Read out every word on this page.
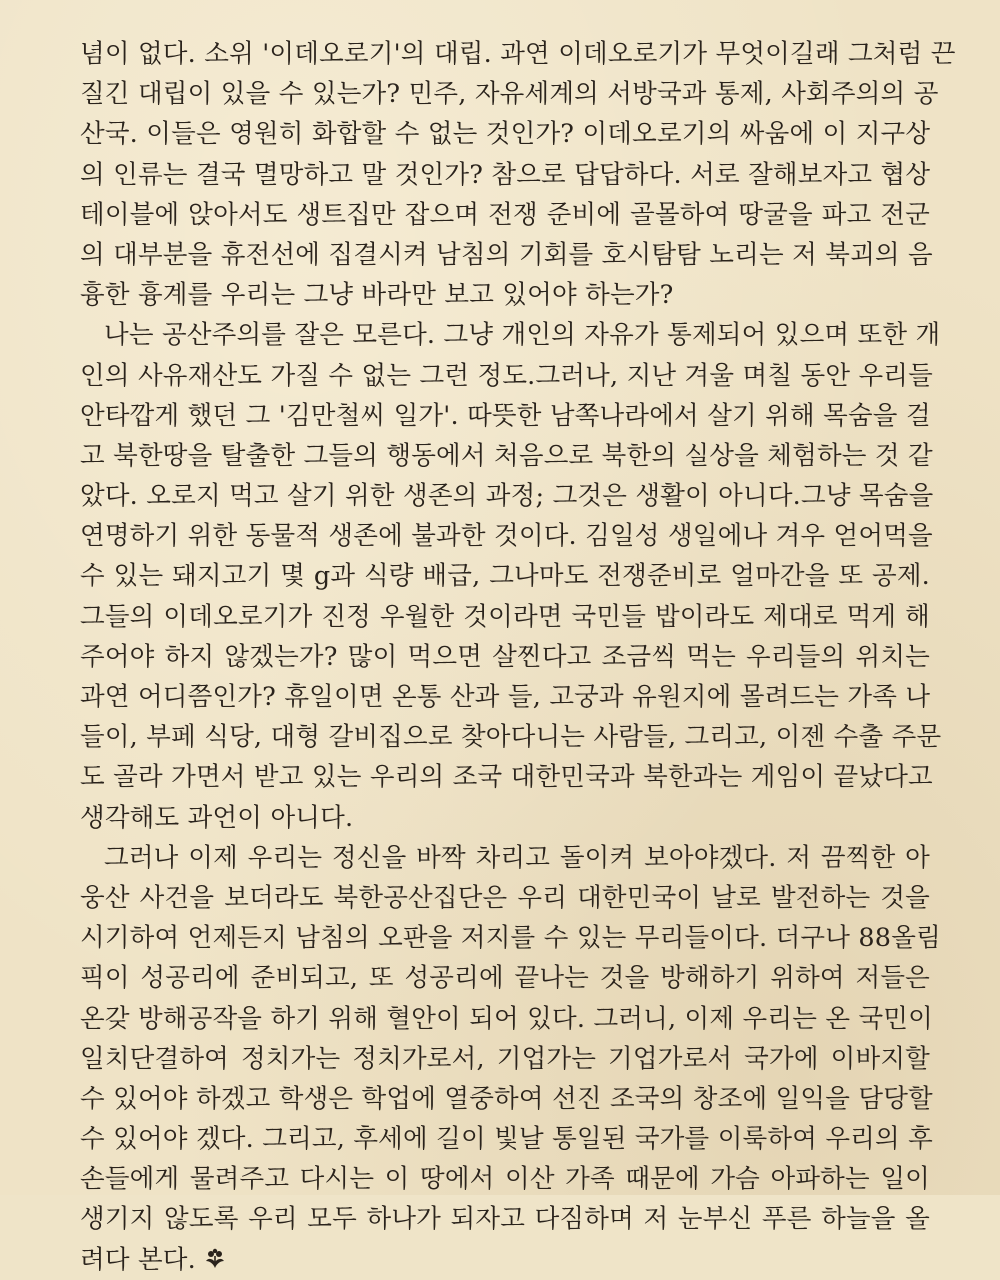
념이 없다. 소위 '이데오로기'의 대립. 과연 이데오로기가 무엇이길래 그처럼 끈
질긴 대립이 있을 수 있는가? 민주, 자유세계의 서방국과 통제, 사회주의의 공
산국. 이들은 영원히 화합할 수 없는 것인가? 이데오로기의 싸움에 이 지구상
의 인류는 결국 멸망하고 말 것인가? 참으로 답답하다. 서로 잘해보자고 협상
테이블에 앉아서도 생트집만 잡으며 전쟁 준비에 골몰하여 땅굴을 파고 전군
의 대부분을 휴전선에 집결시켜 남침의 기회를 호시탐탐 노리는 저 북괴의 음
흉한 흉계를 우리는 그냥 바라만 보고 있어야 하는가?
나는 공산주의를 잘은 모른다. 그냥 개인의 자유가 통제되어 있으며 또한 개
인의 사유재산도 가질 수 없는 그런 정도.그러나, 지난 겨울 며칠 동안 우리들
안타깝게 했던 그 '김만철씨 일가'. 따뜻한 남쪽나라에서 살기 위해 목숨을 걸
고 북한땅을 탈출한 그들의 행동에서 처음으로 북한의 실상을 체험하는 것 같
았다. 오로지 먹고 살기 위한 생존의 과정; 그것은 생활이 아니다.그냥 목숨을
연명하기 위한 동물적 생존에 불과한 것이다. 김일성 생일에나 겨우 얻어먹을
수 있는 돼지고기 몇 g과 식량 배급, 그나마도 전쟁준비로 얼마간을 또 공제.
그들의 이데오로기가 진정 우월한 것이라면 국민들 밥이라도 제대로 먹게 해
주어야 하지 않겠는가? 많이 먹으면 살찐다고 조금씩 먹는 우리들의 위치는
과연 어디쯤인가? 휴일이면 온통 산과 들, 고궁과 유원지에 몰려드는 가족 나
들이, 부페 식당, 대형 갈비집으로 찾아다니는 사람들, 그리고, 이젠 수출 주문
도 골라 가면서 받고 있는 우리의 조국 대한민국과 북한과는 게임이 끝났다고
생각해도 과언이 아니다.
그러나 이제 우리는 정신을 바짝 차리고 돌이켜 보아야겠다. 저 끔찍한 아
웅산 사건을 보더라도 북한공산집단은 우리 대한민국이 날로 발전하는 것을
시기하여 언제든지 남침의 오판을 저지를 수 있는 무리들이다. 더구나 88올림
픽이 성공리에 준비되고, 또 성공리에 끝나는 것을 방해하기 위하여 저들은
온갖 방해공작을 하기 위해 혈안이 되어 있다. 그러니, 이제 우리는 온 국민이
일치단결하여 정치가는 정치가로서, 기업가는 기업가로서 국가에 이바지할
수 있어야 하겠고 학생은 학업에 열중하여 선진 조국의 창조에 일익을 담당할
수 있어야 겠다. 그리고, 후세에 길이 빛날 통일된 국가를 이룩하여 우리의 후
손들에게 물려주고 다시는 이 땅에서 이산 가족 때문에 가슴 아파하는 일이
생기지 않도록 우리 모두 하나가 되자고 다짐하며 저 눈부신 푸른 하늘을 올
려다 본다.
